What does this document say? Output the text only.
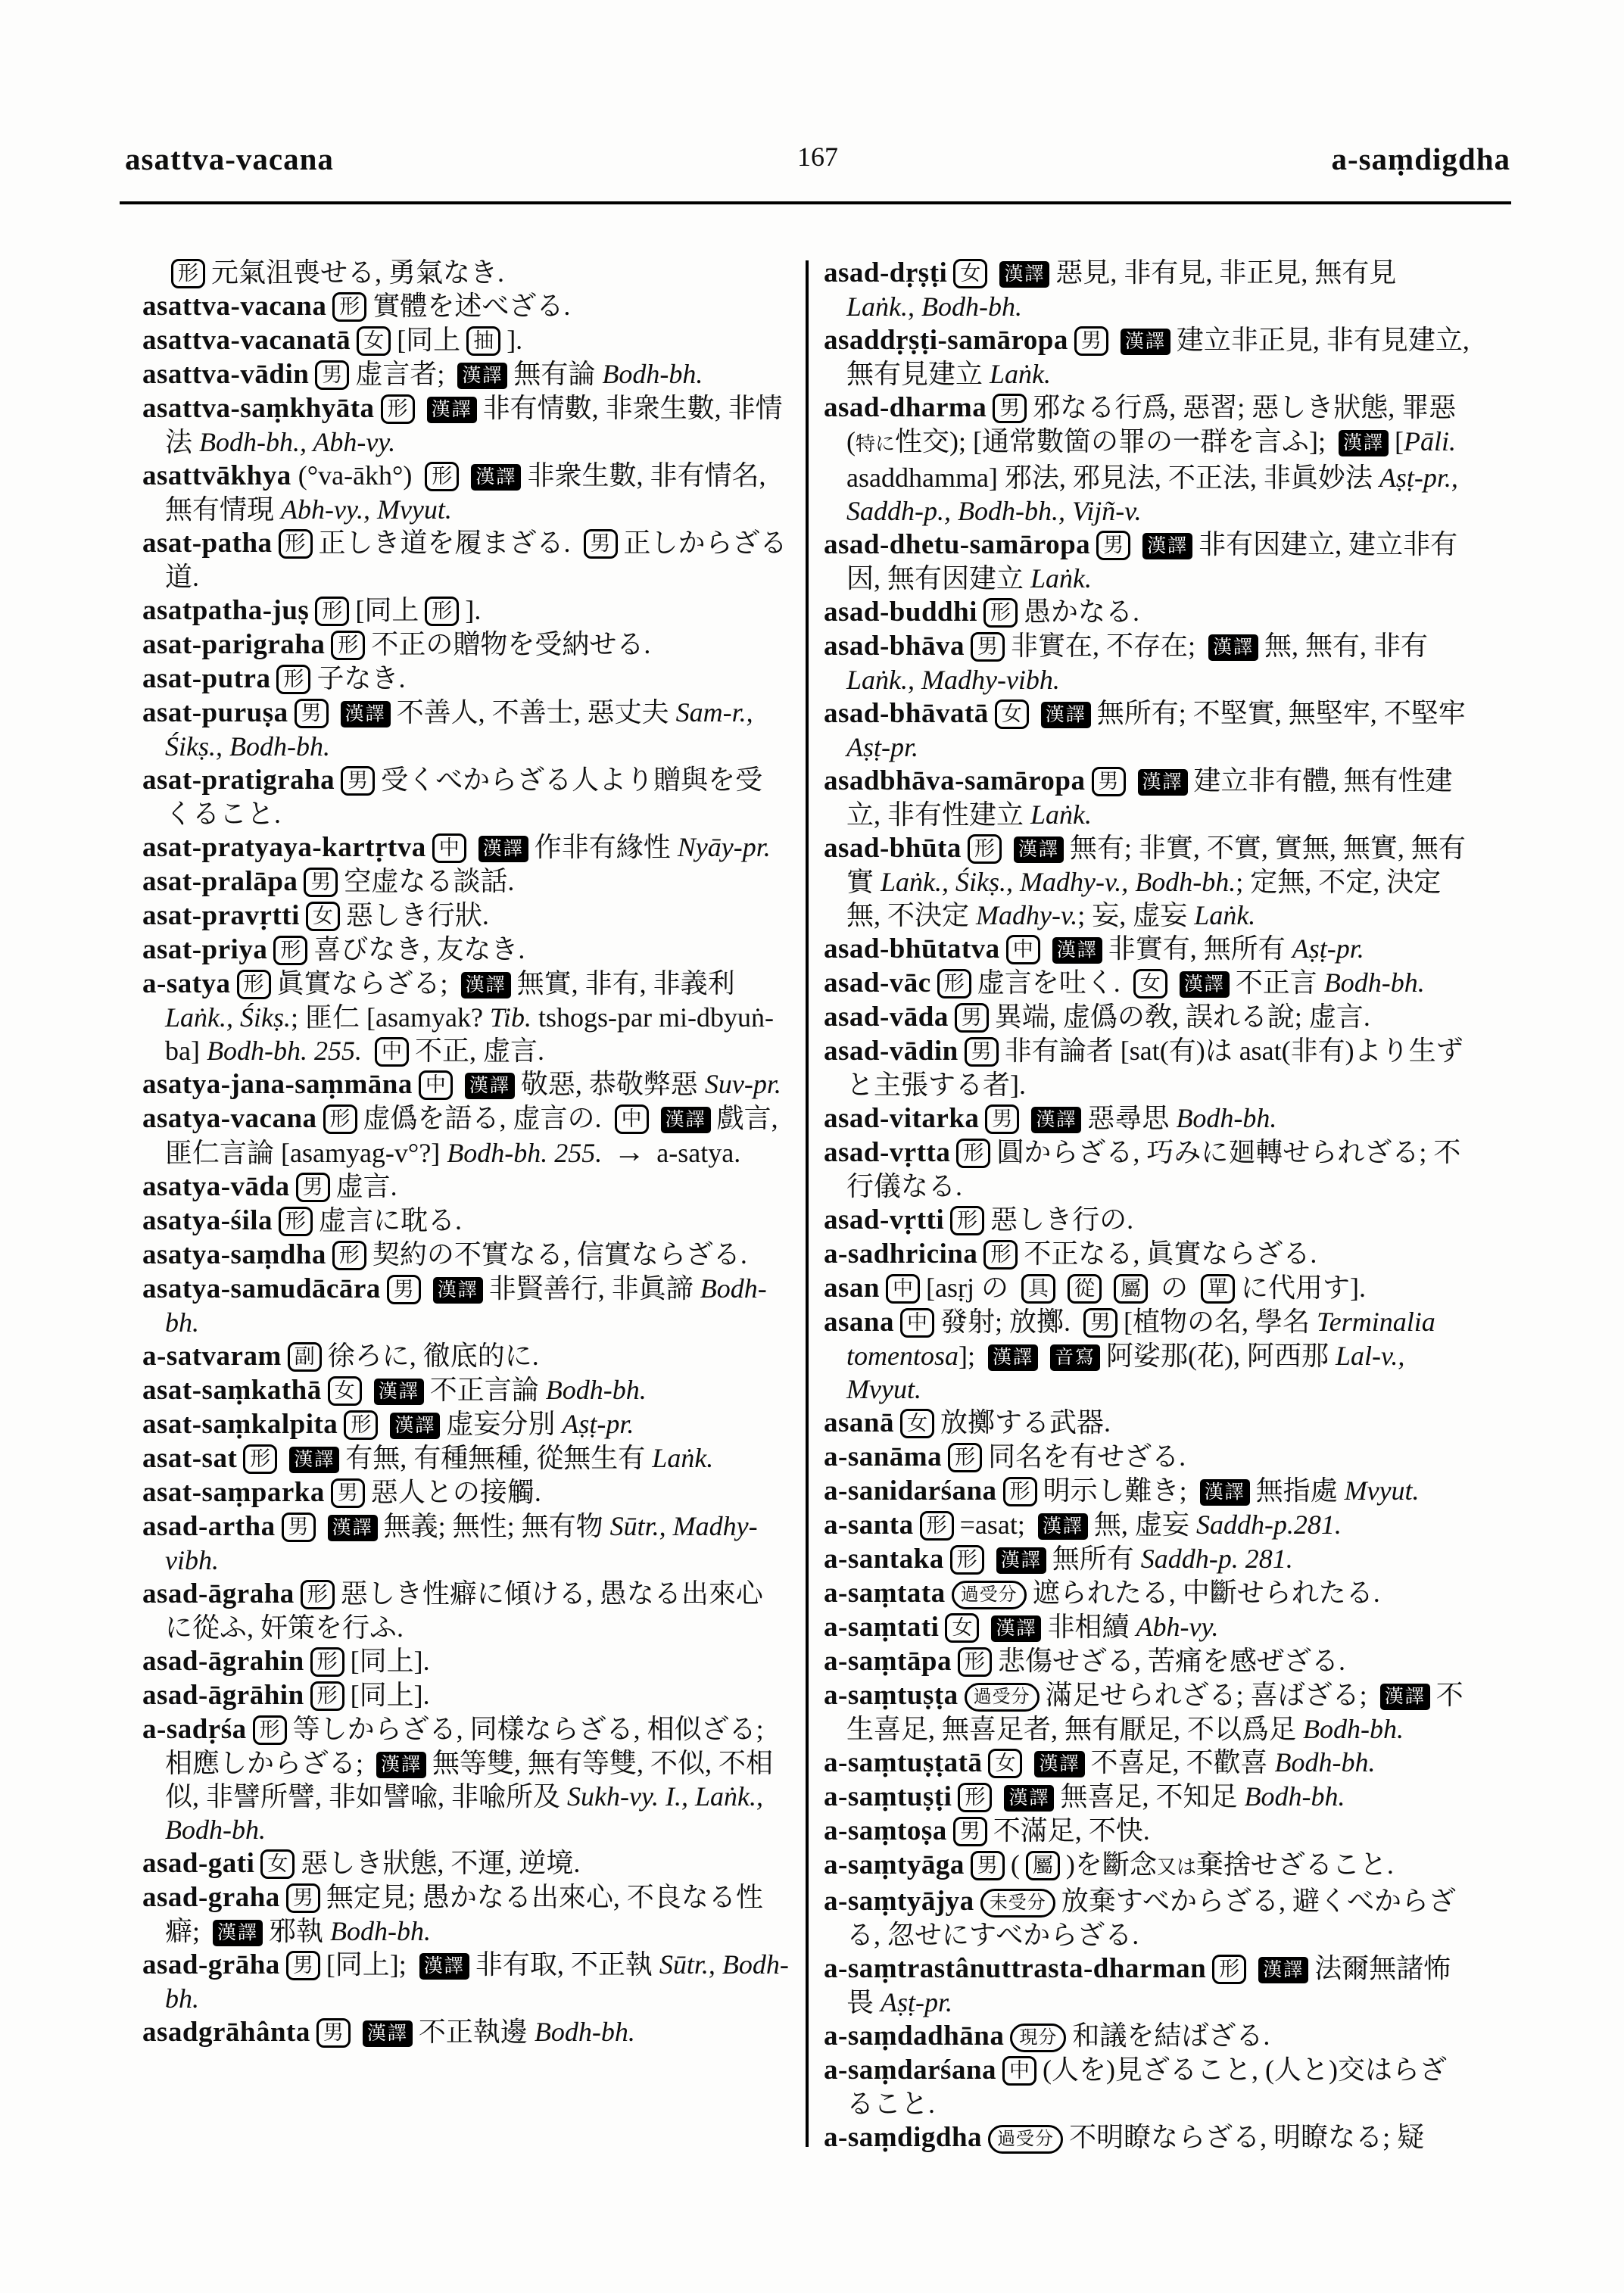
asattva-vacana	167	a-saṃdigdha

形 元氣沮喪せる, 勇氣なき.

asattva-vacana 形 實體を述べざる.

asattva-vacanatā 女 [同上 抽 ].

asattva-vādin 男 虚言者; 漢譯 無有論 Bodh-bh.

asattva-saṃkhyāta 形 漢譯 非有情數, 非衆生數, 非情法 Bodh-bh., Abh-vy.

asattvākhya (°va-ākh°) 形 漢譯 非衆生數, 非有情名, 無有情現 Abh-vy., Mvyut.

asat-patha 形 正しき道を履まざる. 男 正しからざる道.

asatpatha-juṣ 形 [同上 形 ].

asat-parigraha 形 不正の贈物を受納せる.

asat-putra 形 子なき.

asat-puruṣa 男 漢譯 不善人, 不善士, 惡丈夫 Sam-r., Śikṣ., Bodh-bh.

asat-pratigraha 男 受くべからざる人より贈與を受くること.

asat-pratyaya-kartṛtva 中 漢譯 作非有緣性 Nyāy-pr.

asat-pralāpa 男 空虚なる談話.

asat-pravṛtti 女 惡しき行狀.

asat-priya 形 喜びなき, 友なき.

a-satya 形 眞實ならざる; 漢譯 無實, 非有, 非義利 Laṅk., Śikṣ.; 匪仁 [asamyak? Tib. tshogs-par mi-dbyuṅ-ba] Bodh-bh. 255. 中 不正, 虚言.

asatya-jana-saṃmāna 中 漢譯 敬惡, 恭敬弊惡 Suv-pr.

asatya-vacana 形 虚僞を語る, 虚言の. 中 漢譯 戲言, 匪仁言論 [asamyag-v°?] Bodh-bh. 255. → a-satya.

asatya-vāda 男 虚言.

asatya-śila 形 虚言に耽る.

asatya-saṃdha 形 契約の不實なる, 信實ならざる.

asatya-samudācāra 男 漢譯 非賢善行, 非眞諦 Bodh-bh.

a-satvaram 副 徐ろに, 徹底的に.

asat-saṃkathā 女 漢譯 不正言論 Bodh-bh.

asat-saṃkalpita 形 漢譯 虚妄分別 Aṣṭ-pr.

asat-sat 形 漢譯 有無, 有種無種, 從無生有 Laṅk.

asat-saṃparka 男 惡人との接觸.

asad-artha 男 漢譯 無義; 無性; 無有物 Sūtr., Madhy-vibh.

asad-āgraha 形 惡しき性癖に傾ける, 愚なる出來心に從ふ, 奸策を行ふ.

asad-āgrahin 形 [同上].

asad-āgrāhin 形 [同上].

a-sadṛśa 形 等しからざる, 同樣ならざる, 相似ざる; 相應しからざる; 漢譯 無等雙, 無有等雙, 不似, 不相似, 非譬所譬, 非如譬喩, 非喩所及 Sukh-vy. I., Laṅk., Bodh-bh.

asad-gati 女 惡しき狀態, 不運, 逆境.

asad-graha 男 無定見; 愚かなる出來心, 不良なる性癖; 漢譯 邪執 Bodh-bh.

asad-grāha 男 [同上]; 漢譯 非有取, 不正執 Sūtr., Bodh-bh.

asadgrāhânta 男 漢譯 不正執邊 Bodh-bh.

asad-dṛṣṭi 女 漢譯 惡見, 非有見, 非正見, 無有見 Laṅk., Bodh-bh.

asaddṛṣṭi-samāropa 男 漢譯 建立非正見, 非有見建立, 無有見建立 Laṅk.

asad-dharma 男 邪なる行爲, 惡習; 惡しき狀態, 罪惡(特に性交); [通常數箇の罪の一群を言ふ]; 漢譯 [Pāli. asaddhamma] 邪法, 邪見法, 不正法, 非眞妙法 Aṣṭ-pr., Saddh-p., Bodh-bh., Vijñ-v.

asad-dhetu-samāropa 男 漢譯 非有因建立, 建立非有因, 無有因建立 Laṅk.

asad-buddhi 形 愚かなる.

asad-bhāva 男 非實在, 不存在; 漢譯 無, 無有, 非有 Laṅk., Madhy-vibh.

asad-bhāvatā 女 漢譯 無所有; 不堅實, 無堅牢, 不堅牢 Aṣṭ-pr.

asadbhāva-samāropa 男 漢譯 建立非有體, 無有性建立, 非有性建立 Laṅk.

asad-bhūta 形 漢譯 無有; 非實, 不實, 實無, 無實, 無有實 Laṅk., Śikṣ., Madhy-v., Bodh-bh.; 定無, 不定, 決定無, 不決定 Madhy-v.; 妄, 虚妄 Laṅk.

asad-bhūtatva 中 漢譯 非實有, 無所有 Aṣṭ-pr.

asad-vāc 形 虚言を吐く. 女 漢譯 不正言 Bodh-bh.

asad-vāda 男 異端, 虚僞の敎, 誤れる說; 虚言.

asad-vādin 男 非有論者 [sat(有)は asat(非有)より生ずと主張する者].

asad-vitarka 男 漢譯 惡尋思 Bodh-bh.

asad-vṛtta 形 圓からざる, 巧みに廻轉せられざる; 不行儀なる.

asad-vṛtti 形 惡しき行の.

a-sadhricina 形 不正なる, 眞實ならざる.

asan 中 [asṛj の 具 從 屬 の 單 に代用す].

asana 中 發射; 放擲. 男 [植物の名, 學名 Terminalia tomentosa]; 漢譯 音寫 阿娑那(花), 阿西那 Lal-v., Mvyut.

asanā 女 放擲する武器.

a-sanāma 形 同名を有せざる.

a-sanidarśana 形 明示し難き; 漢譯 無指處 Mvyut.

a-santa 形 =asat; 漢譯 無, 虚妄 Saddh-p.281.

a-santaka 形 漢譯 無所有 Saddh-p. 281.

a-saṃtata 過受分 遮られたる, 中斷せられたる.

a-saṃtati 女 漢譯 非相續 Abh-vy.

a-saṃtāpa 形 悲傷せざる, 苦痛を感ぜざる.

a-saṃtuṣṭa 過受分 滿足せられざる; 喜ばざる; 漢譯 不生喜足, 無喜足者, 無有厭足, 不以爲足 Bodh-bh.

a-saṃtuṣṭatā 女 漢譯 不喜足, 不歡喜 Bodh-bh.

a-saṃtuṣṭi 形 漢譯 無喜足, 不知足 Bodh-bh.

a-saṃtoṣa 男 不滿足, 不快.

a-saṃtyāga 男 ( 屬 )を斷念又は棄捨せざること.

a-saṃtyājya 未受分 放棄すべからざる, 避くべからざる, 忽せにすべからざる.

a-saṃtrastânuttrasta-dharman 形 漢譯 法爾無諸怖畏 Aṣṭ-pr.

a-saṃdadhāna 現分 和議を結ばざる.

a-saṃdarśana 中 (人を)見ざること, (人と)交はらざること.

a-saṃdigdha 過受分 不明瞭ならざる, 明瞭なる; 疑
